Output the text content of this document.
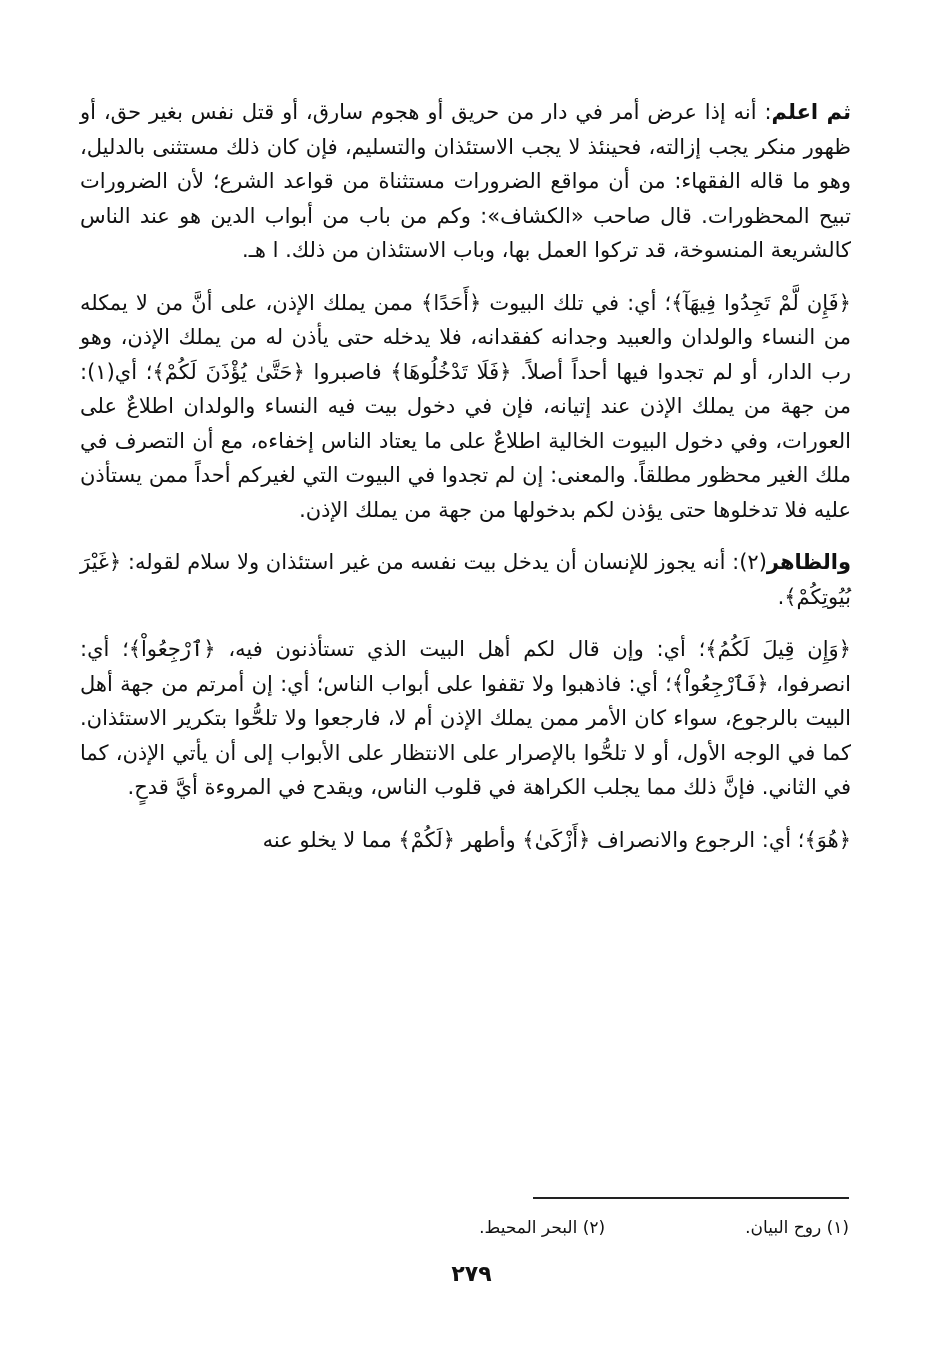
ثم اعلم: أنه إذا عرض أمر في دار من حريق أو هجوم سارق، أو قتل نفس بغير حق، أو ظهور منكر يجب إزالته، فحينئذ لا يجب الاستئذان والتسليم، فإن كان ذلك مستثنى بالدليل، وهو ما قاله الفقهاء: من أن مواقع الضرورات مستثناة من قواعد الشرع؛ لأن الضرورات تبيح المحظورات. قال صاحب «الكشاف»: وكم من باب من أبواب الدين هو عند الناس كالشريعة المنسوخة، قد تركوا العمل بها، وباب الاستئذان من ذلك. ا هـ.

﴿فَإِن لَّمْ تَجِدُوا فِيهَآ﴾؛ أي: في تلك البيوت ﴿أَحَدًا﴾ ممن يملك الإذن، على أنَّ من لا يمكله من النساء والولدان والعبيد وجدانه كفقدانه، فلا يدخله حتى يأذن له من يملك الإذن، وهو رب الدار، أو لم تجدوا فيها أحداً أصلاً. ﴿فَلَا تَدْخُلُوهَا﴾ فاصبروا ﴿حَتَّىٰ يُؤْذَنَ لَكُمْ﴾؛ أي(١): من جهة من يملك الإذن عند إتيانه، فإن في دخول بيت فيه النساء والولدان اطلاعٌ على العورات، وفي دخول البيوت الخالية اطلاعٌ على ما يعتاد الناس إخفاءه، مع أن التصرف في ملك الغير محظور مطلقاً. والمعنى: إن لم تجدوا في البيوت التي لغيركم أحداً ممن يستأذن عليه فلا تدخلوها حتى يؤذن لكم بدخولها من جهة من يملك الإذن.

والظاهر(٢): أنه يجوز للإنسان أن يدخل بيت نفسه من غير استئذان ولا سلام لقوله: ﴿غَيْرَ بُيُوتِكُمْ﴾.

﴿وَإِن قِيلَ لَكُمُ﴾؛ أي: وإن قال لكم أهل البيت الذي تستأذنون فيه، ﴿ٱرْجِعُواْ﴾؛ أي: انصرفوا، ﴿فَٱرْجِعُواْ﴾؛ أي: فاذهبوا ولا تقفوا على أبواب الناس؛ أي: إن أمرتم من جهة أهل البيت بالرجوع، سواء كان الأمر ممن يملك الإذن أم لا، فارجعوا ولا تلحُّوا بتكرير الاستئذان. كما في الوجه الأول، أو لا تلحُّوا بالإصرار على الانتظار على الأبواب إلى أن يأتي الإذن، كما في الثاني. فإنَّ ذلك مما يجلب الكراهة في قلوب الناس، ويقدح في المروءة أيَّ قدحٍ.

﴿هُوَ﴾؛ أي: الرجوع والانصراف ﴿أَزْكَىٰ﴾ وأطهر ﴿لَكُمْ﴾ مما لا يخلو عنه

(١) روح البيان.
(٢) البحر المحيط.
٢٧٩
